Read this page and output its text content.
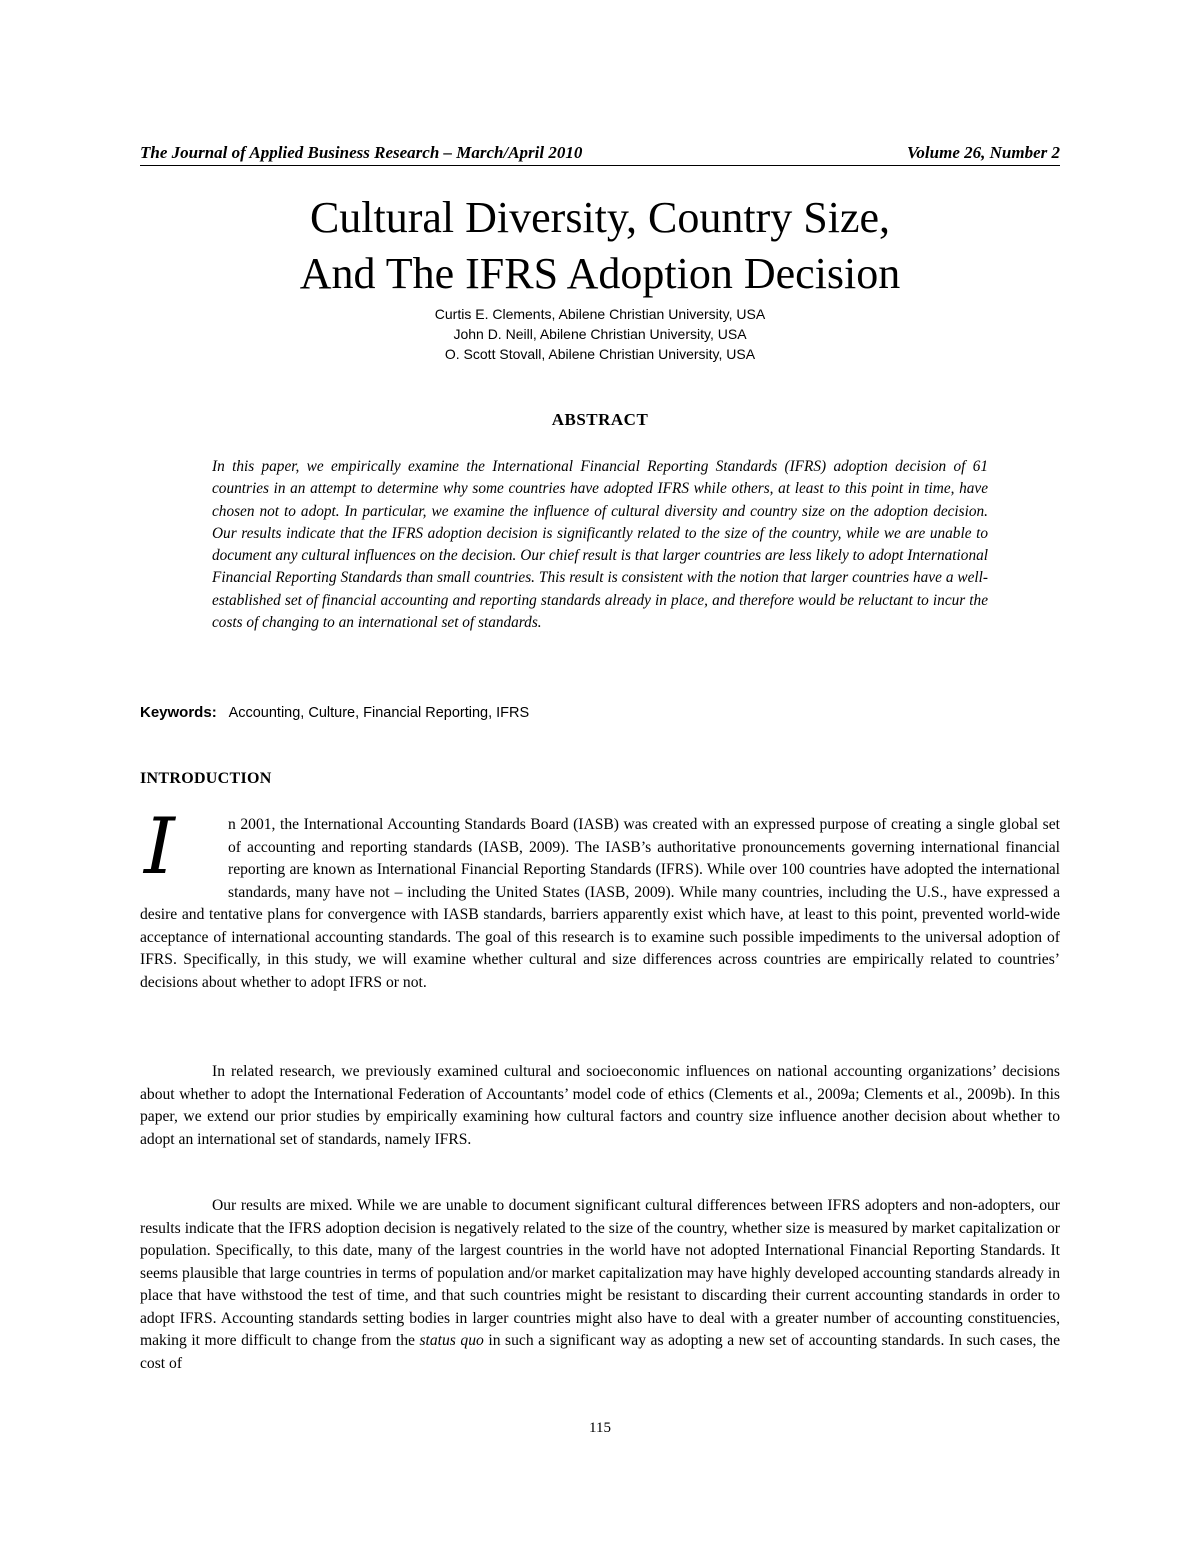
The Journal of Applied Business Research – March/April 2010	Volume 26, Number 2
Cultural Diversity, Country Size,
And The IFRS Adoption Decision
Curtis E. Clements, Abilene Christian University, USA
John D. Neill, Abilene Christian University, USA
O. Scott Stovall, Abilene Christian University, USA
ABSTRACT
In this paper, we empirically examine the International Financial Reporting Standards (IFRS) adoption decision of 61 countries in an attempt to determine why some countries have adopted IFRS while others, at least to this point in time, have chosen not to adopt. In particular, we examine the influence of cultural diversity and country size on the adoption decision. Our results indicate that the IFRS adoption decision is significantly related to the size of the country, while we are unable to document any cultural influences on the decision. Our chief result is that larger countries are less likely to adopt International Financial Reporting Standards than small countries. This result is consistent with the notion that larger countries have a well-established set of financial accounting and reporting standards already in place, and therefore would be reluctant to incur the costs of changing to an international set of standards.
Keywords: Accounting, Culture, Financial Reporting, IFRS
INTRODUCTION
I	n 2001, the International Accounting Standards Board (IASB) was created with an expressed purpose of creating a single global set of accounting and reporting standards (IASB, 2009). The IASB’s authoritative pronouncements governing international financial reporting are known as International Financial Reporting Standards (IFRS). While over 100 countries have adopted the international standards, many have not – including the United States (IASB, 2009). While many countries, including the U.S., have expressed a desire and tentative plans for convergence with IASB standards, barriers apparently exist which have, at least to this point, prevented world-wide acceptance of international accounting standards. The goal of this research is to examine such possible impediments to the universal adoption of IFRS. Specifically, in this study, we will examine whether cultural and size differences across countries are empirically related to countries’ decisions about whether to adopt IFRS or not.
In related research, we previously examined cultural and socioeconomic influences on national accounting organizations’ decisions about whether to adopt the International Federation of Accountants’ model code of ethics (Clements et al., 2009a; Clements et al., 2009b). In this paper, we extend our prior studies by empirically examining how cultural factors and country size influence another decision about whether to adopt an international set of standards, namely IFRS.
Our results are mixed. While we are unable to document significant cultural differences between IFRS adopters and non-adopters, our results indicate that the IFRS adoption decision is negatively related to the size of the country, whether size is measured by market capitalization or population. Specifically, to this date, many of the largest countries in the world have not adopted International Financial Reporting Standards. It seems plausible that large countries in terms of population and/or market capitalization may have highly developed accounting standards already in place that have withstood the test of time, and that such countries might be resistant to discarding their current accounting standards in order to adopt IFRS. Accounting standards setting bodies in larger countries might also have to deal with a greater number of accounting constituencies, making it more difficult to change from the status quo in such a significant way as adopting a new set of accounting standards. In such cases, the cost of
115
